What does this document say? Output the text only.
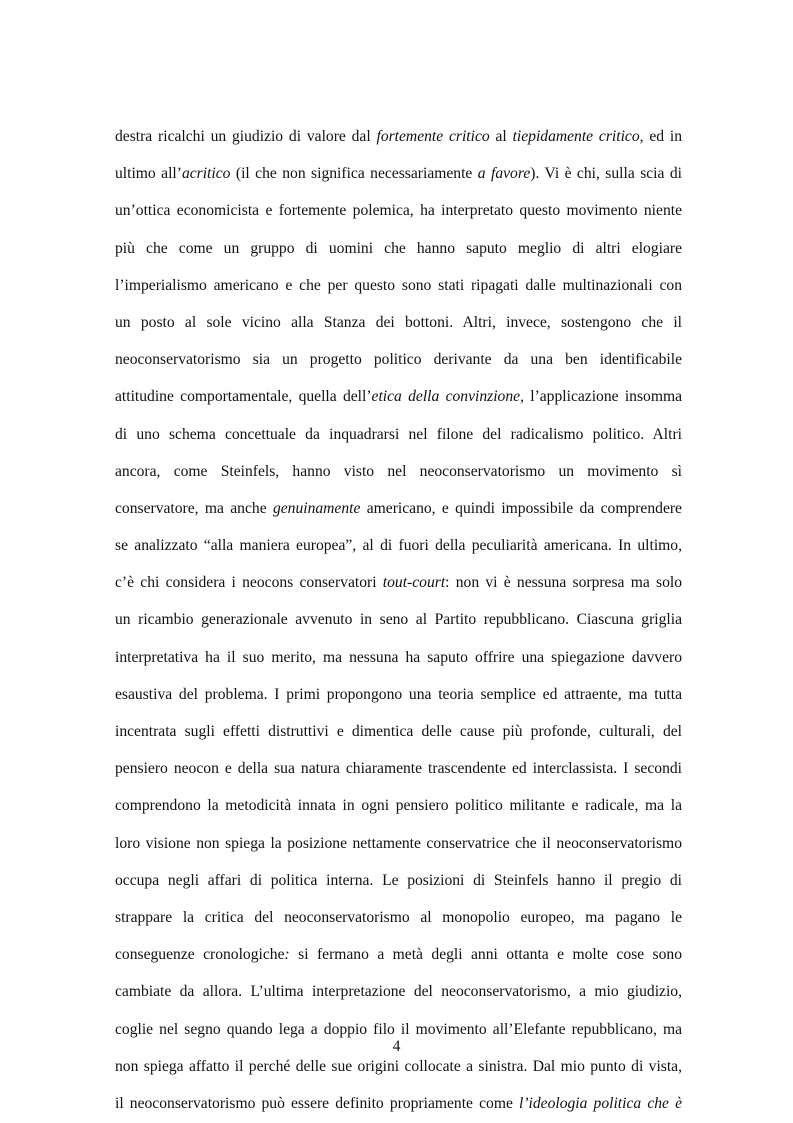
destra ricalchi un giudizio di valore dal fortemente critico al tiepidamente critico, ed in
ultimo all’acritico (il che non significa necessariamente a favore). Vi è chi, sulla scia di
un’ottica economicista e fortemente polemica, ha interpretato questo movimento niente
più che come un gruppo di uomini che hanno saputo meglio di altri elogiare
l’imperialismo americano e che per questo sono stati ripagati dalle multinazionali con
un posto al sole vicino alla Stanza dei bottoni. Altri, invece, sostengono che il
neoconservatorismo sia un progetto politico derivante da una ben identificabile
attitudine comportamentale, quella dell’etica della convinzione, l’applicazione insomma
di uno schema concettuale da inquadrarsi nel filone del radicalismo politico. Altri
ancora, come Steinfels, hanno visto nel neoconservatorismo un movimento sì
conservatore, ma anche genuinamente americano, e quindi impossibile da comprendere
se analizzato “alla maniera europea”, al di fuori della peculiarità americana. In ultimo,
c’è chi considera i neocons conservatori tout-court: non vi è nessuna sorpresa ma solo
un ricambio generazionale avvenuto in seno al Partito repubblicano. Ciascuna griglia
interpretativa ha il suo merito, ma nessuna ha saputo offrire una spiegazione davvero
esaustiva del problema. I primi propongono una teoria semplice ed attraente, ma tutta
incentrata sugli effetti distruttivi e dimentica delle cause più profonde, culturali, del
pensiero neocon e della sua natura chiaramente trascendente ed interclassista. I secondi
comprendono la metodicità innata in ogni pensiero politico militante e radicale, ma la
loro visione non spiega la posizione nettamente conservatrice che il neoconservatorismo
occupa negli affari di politica interna. Le posizioni di Steinfels hanno il pregio di
strappare la critica del neoconservatorismo al monopolio europeo, ma pagano le
conseguenze cronologiche: si fermano a metà degli anni ottanta e molte cose sono
cambiate da allora. L’ultima interpretazione del neoconservatorismo, a mio giudizio,
coglie nel segno quando lega a doppio filo il movimento all’Elefante repubblicano, ma
non spiega affatto il perché delle sue origini collocate a sinistra. Dal mio punto di vista,
il neoconservatorismo può essere definito propriamente come l’ideologia politica che è
4
